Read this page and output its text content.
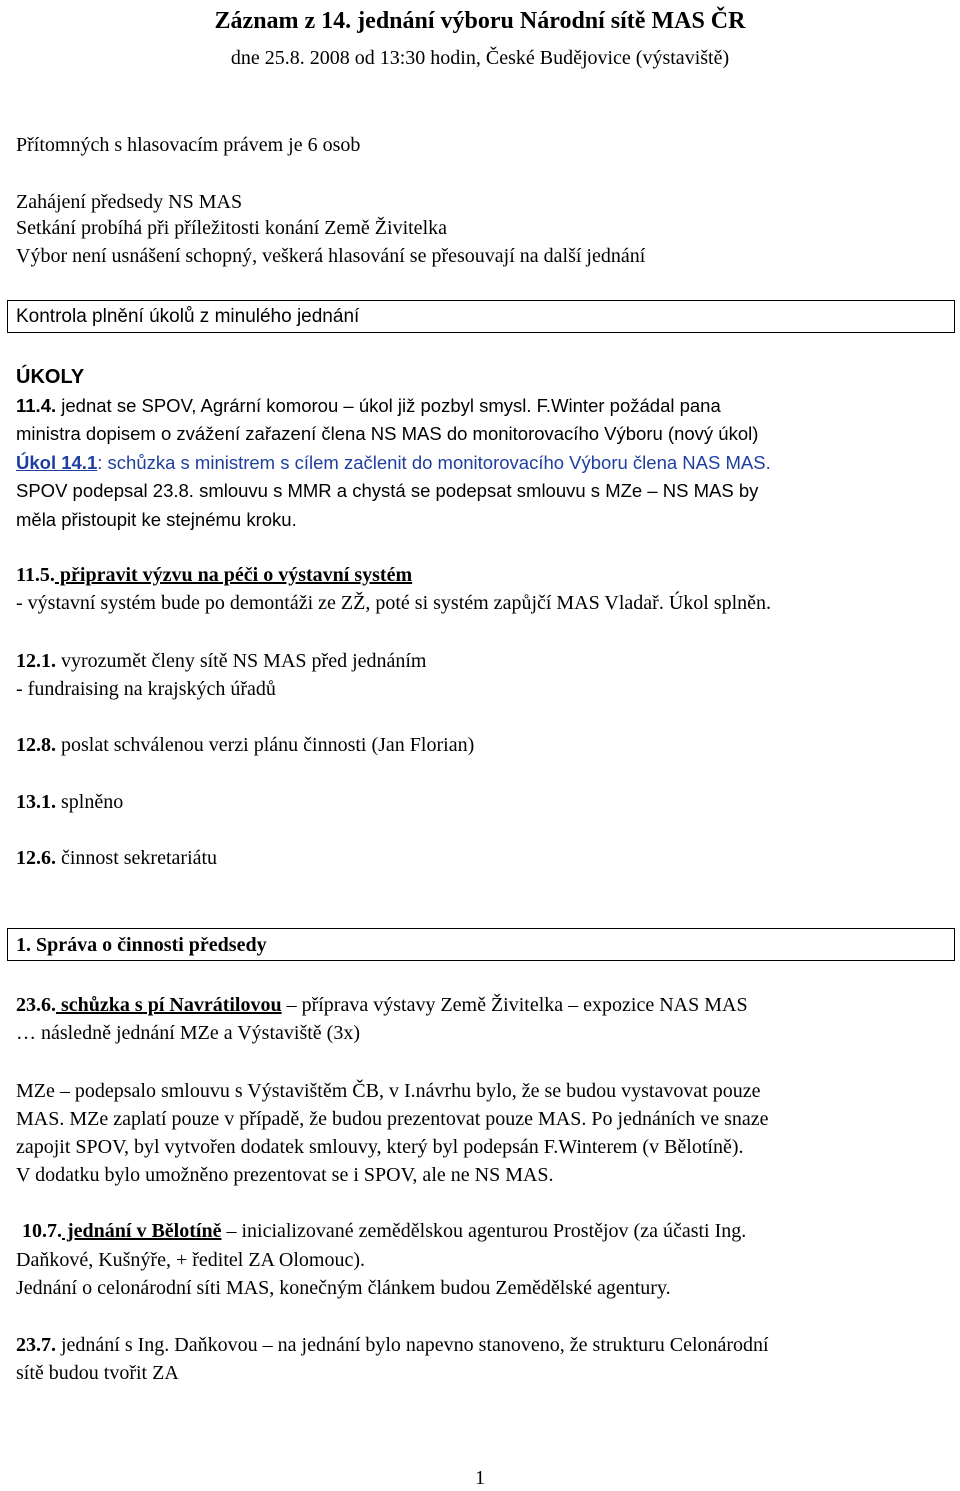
Záznam z 14. jednání výboru Národní sítě MAS ČR
dne 25.8. 2008 od 13:30 hodin, České Budějovice (výstaviště)
Přítomných s hlasovacím právem je 6 osob
Zahájení předsedy NS MAS
Setkání probíhá při příležitosti konání Země Živitelka
Výbor není usnášení schopný, veškerá hlasování se přesouvají na další jednání
Kontrola plnění úkolů z minulého jednání
ÚKOLY
11.4. jednat se SPOV, Agrární komorou – úkol již pozbyl smysl. F.Winter požádal pana
ministra dopisem o zvážení zařazení člena NS MAS do monitorovacího Výboru (nový úkol)
Úkol 14.1: schůzka s ministrem s cílem začlenit do monitorovacího Výboru člena NAS MAS.
SPOV podepsal 23.8. smlouvu s MMR a chystá se podepsat smlouvu s MZe – NS MAS by
měla přistoupit ke stejnému kroku.
11.5. připravit výzvu na péči o výstavní systém
- výstavní systém bude po demontáži ze ZŽ, poté si systém zapůjčí MAS Vladař. Úkol splněn.
12.1. vyrozumět členy sítě NS MAS před jednáním
- fundraising na krajských úřadů
12.8. poslat schválenou verzi plánu činnosti (Jan Florian)
13.1. splněno
12.6. činnost sekretariátu
1. Správa o činnosti předsedy
23.6. schůzka s pí Navrátilovou – příprava výstavy Země Živitelka – expozice NAS MAS
… následně jednání MZe a Výstaviště (3x)
MZe – podepsalo smlouvu s Výstavištěm ČB, v I.návrhu bylo, že se budou vystavovat pouze
MAS. MZe zaplatí pouze v případě, že budou prezentovat pouze MAS. Po jednáních ve snaze
zapojit SPOV, byl vytvořen dodatek smlouvy, který byl podepsán F.Winterem (v Bělotíně).
V dodatku bylo umožněno prezentovat se i SPOV, ale ne NS MAS.
10.7. jednání v Bělotíně – inicializované zemědělskou agenturou Prostějov (za účasti Ing.
Daňkové, Kušnýře, + ředitel ZA Olomouc).
Jednání o celonárodní síti MAS, konečným článkem budou Zemědělské agentury.
23.7. jednání s Ing. Daňkovou – na jednání bylo napevno stanoveno, že strukturu Celonárodní
sítě budou tvořit ZA
1
